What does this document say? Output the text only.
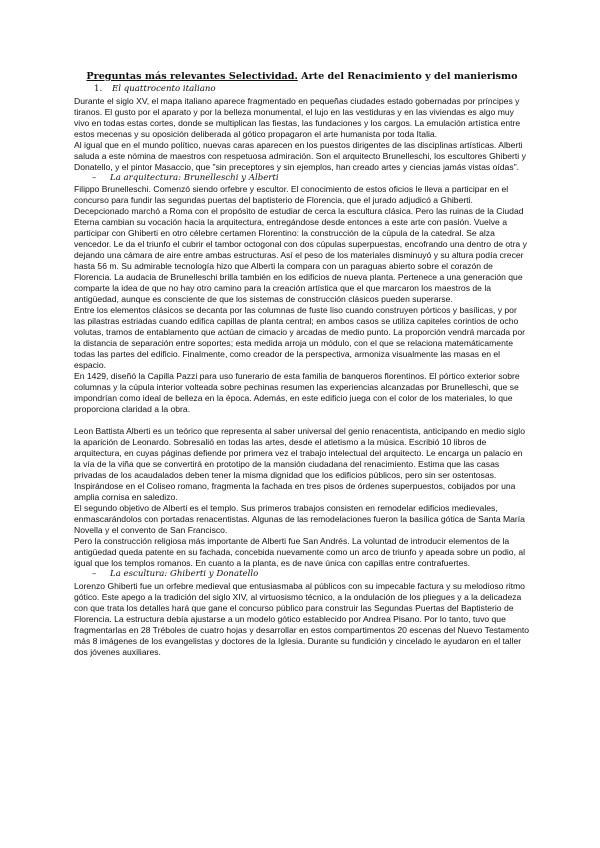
Preguntas más relevantes Selectividad. Arte del Renacimiento y del manierismo
1. El quattrocento italiano

Durante el siglo XV, el mapa italiano aparece fragmentado en pequeñas ciudades estado gobernadas por príncipes y tiranos. El gusto por el aparato y por la belleza monumental, el lujo en las vestiduras y en las viviendas es algo muy vivo en todas estas cortes, donde se multiplican las fiestas, las fundaciones y los cargos. La emulación artística entre estos mecenas y su oposición deliberada al gótico propagaron el arte humanista por toda Italia.

Al igual que en el mundo político, nuevas caras aparecen en los puestos dirigentes de las disciplinas artísticas. Alberti saluda a este nómina de maestros con respetuosa admiración. Son el arquitecto Brunelleschi, los escultores Ghiberti y Donatello, y el pintor Masaccio, que "sin preceptores y sin ejemplos, han creado artes y ciencias jamás vistas oídas".

– La arquitectura: Brunelleschi y Alberti

Filippo Brunelleschi. Comenzó siendo orfebre y escultor. El conocimiento de estos oficios le lleva a participar en el concurso para fundir las segundas puertas del baptisterio de Florencia, que el jurado adjudicó a Ghiberti. Decepcionado marchó a Roma con el propósito de estudiar de cerca la escultura clásica. Pero las ruinas de la Ciudad Eterna cambian su vocación hacia la arquitectura, entregándose desde entonces a este arte con pasión. Vuelve a participar con Ghiberti en otro célebre certamen Florentino: la construcción de la cúpula de la catedral. Se alza vencedor. Le da el triunfo el cubrir el tambor octogonal con dos cúpulas superpuestas, encofrando una dentro de otra y dejando una cámara de aire entre ambas estructuras. Así el peso de los materiales disminuyó y su altura podía crecer hasta 56 m. Su admirable tecnología hizo que Alberti la compara con un paraguas abierto sobre el corazón de Florencia. La audacia de Brunelleschi brilla también en los edificios de nueva planta. Pertenece a una generación que comparte la idea de que no hay otro camino para la creación artística que el que marcaron los maestros de la antigüedad, aunque es consciente de que los sistemas de construcción clásicos pueden superarse.

Entre los elementos clásicos se decanta por las columnas de fuste liso cuando construyen pórticos y basílicas, y por las pilastras estriadas cuando edifica capillas de planta central; en ambos casos se utiliza capiteles corintios de ocho volutas, tramos de entablamento que actúan de cimacio y arcadas de medio punto. La proporción vendrá marcada por la distancia de separación entre soportes; esta medida arroja un módulo, con el que se relaciona matemáticamente todas las partes del edificio. Finalmente, como creador de la perspectiva, armoniza visualmente las masas en el espacio.

En 1429, diseñó la Capilla Pazzi para uso funerario de esta familia de banqueros florentinos. El pórtico exterior sobre columnas y la cúpula interior volteada sobre pechinas resumen las experiencias alcanzadas por Brunelleschi, que se impondrían como ideal de belleza en la época. Además, en este edificio juega con el color de los materiales, lo que proporciona claridad a la obra.

Leon Battista Alberti es un teórico que representa al saber universal del genio renacentista, anticipando en medio siglo la aparición de Leonardo. Sobresalió en todas las artes, desde el atletismo a la música. Escribió 10 libros de arquitectura, en cuyas páginas defiende por primera vez el trabajo intelectual del arquitecto. Le encarga un palacio en la vía de la viña que se convertirá en prototipo de la mansión ciudadana del renacimiento. Estima que las casas privadas de los acaudalados deben tener la misma dignidad que los edificios públicos, pero sin ser ostentosas. Inspirándose en el Coliseo romano, fragmenta la fachada en tres pisos de órdenes superpuestos, cobijados por una amplia cornisa en saledizo.

El segundo objetivo de Alberti es el templo. Sus primeros trabajos consisten en remodelar edificios medievales, enmascarándolos con portadas renacentistas. Algunas de las remodelaciones fueron la basílica gótica de Santa María Novella y el convento de San Francisco.

Pero la construcción religiosa más importante de Alberti fue San Andrés. La voluntad de introducir elementos de la antigüedad queda patente en su fachada, concebida nuevamente como un arco de triunfo y apeada sobre un podio, al igual que los templos romanos. En cuanto a la planta, es de nave única con capillas entre contrafuertes.

– La escultura: Ghiberti y Donatello

Lorenzo Ghiberti fue un orfebre medieval que entusiasmaba al públicos con su impecable factura y su melodioso ritmo gótico. Este apego a la tradición del siglo XIV, al virtuosismo técnico, a la ondulación de los pliegues y a la delicadeza con que trata los detalles hará que gane el concurso público para construir las Segundas Puertas del Baptisterio de Florencia. La estructura debía ajustarse a un modelo gótico establecido por Andrea Pisano. Por lo tanto, tuvo que fragmentarlas en 28 Tréboles de cuatro hojas y desarrollar en estos compartimentos 20 escenas del Nuevo Testamento más 8 imágenes de los evangelistas y doctores de la Iglesia. Durante su fundición y cincelado le ayudaron en el taller dos jóvenes auxiliares.
